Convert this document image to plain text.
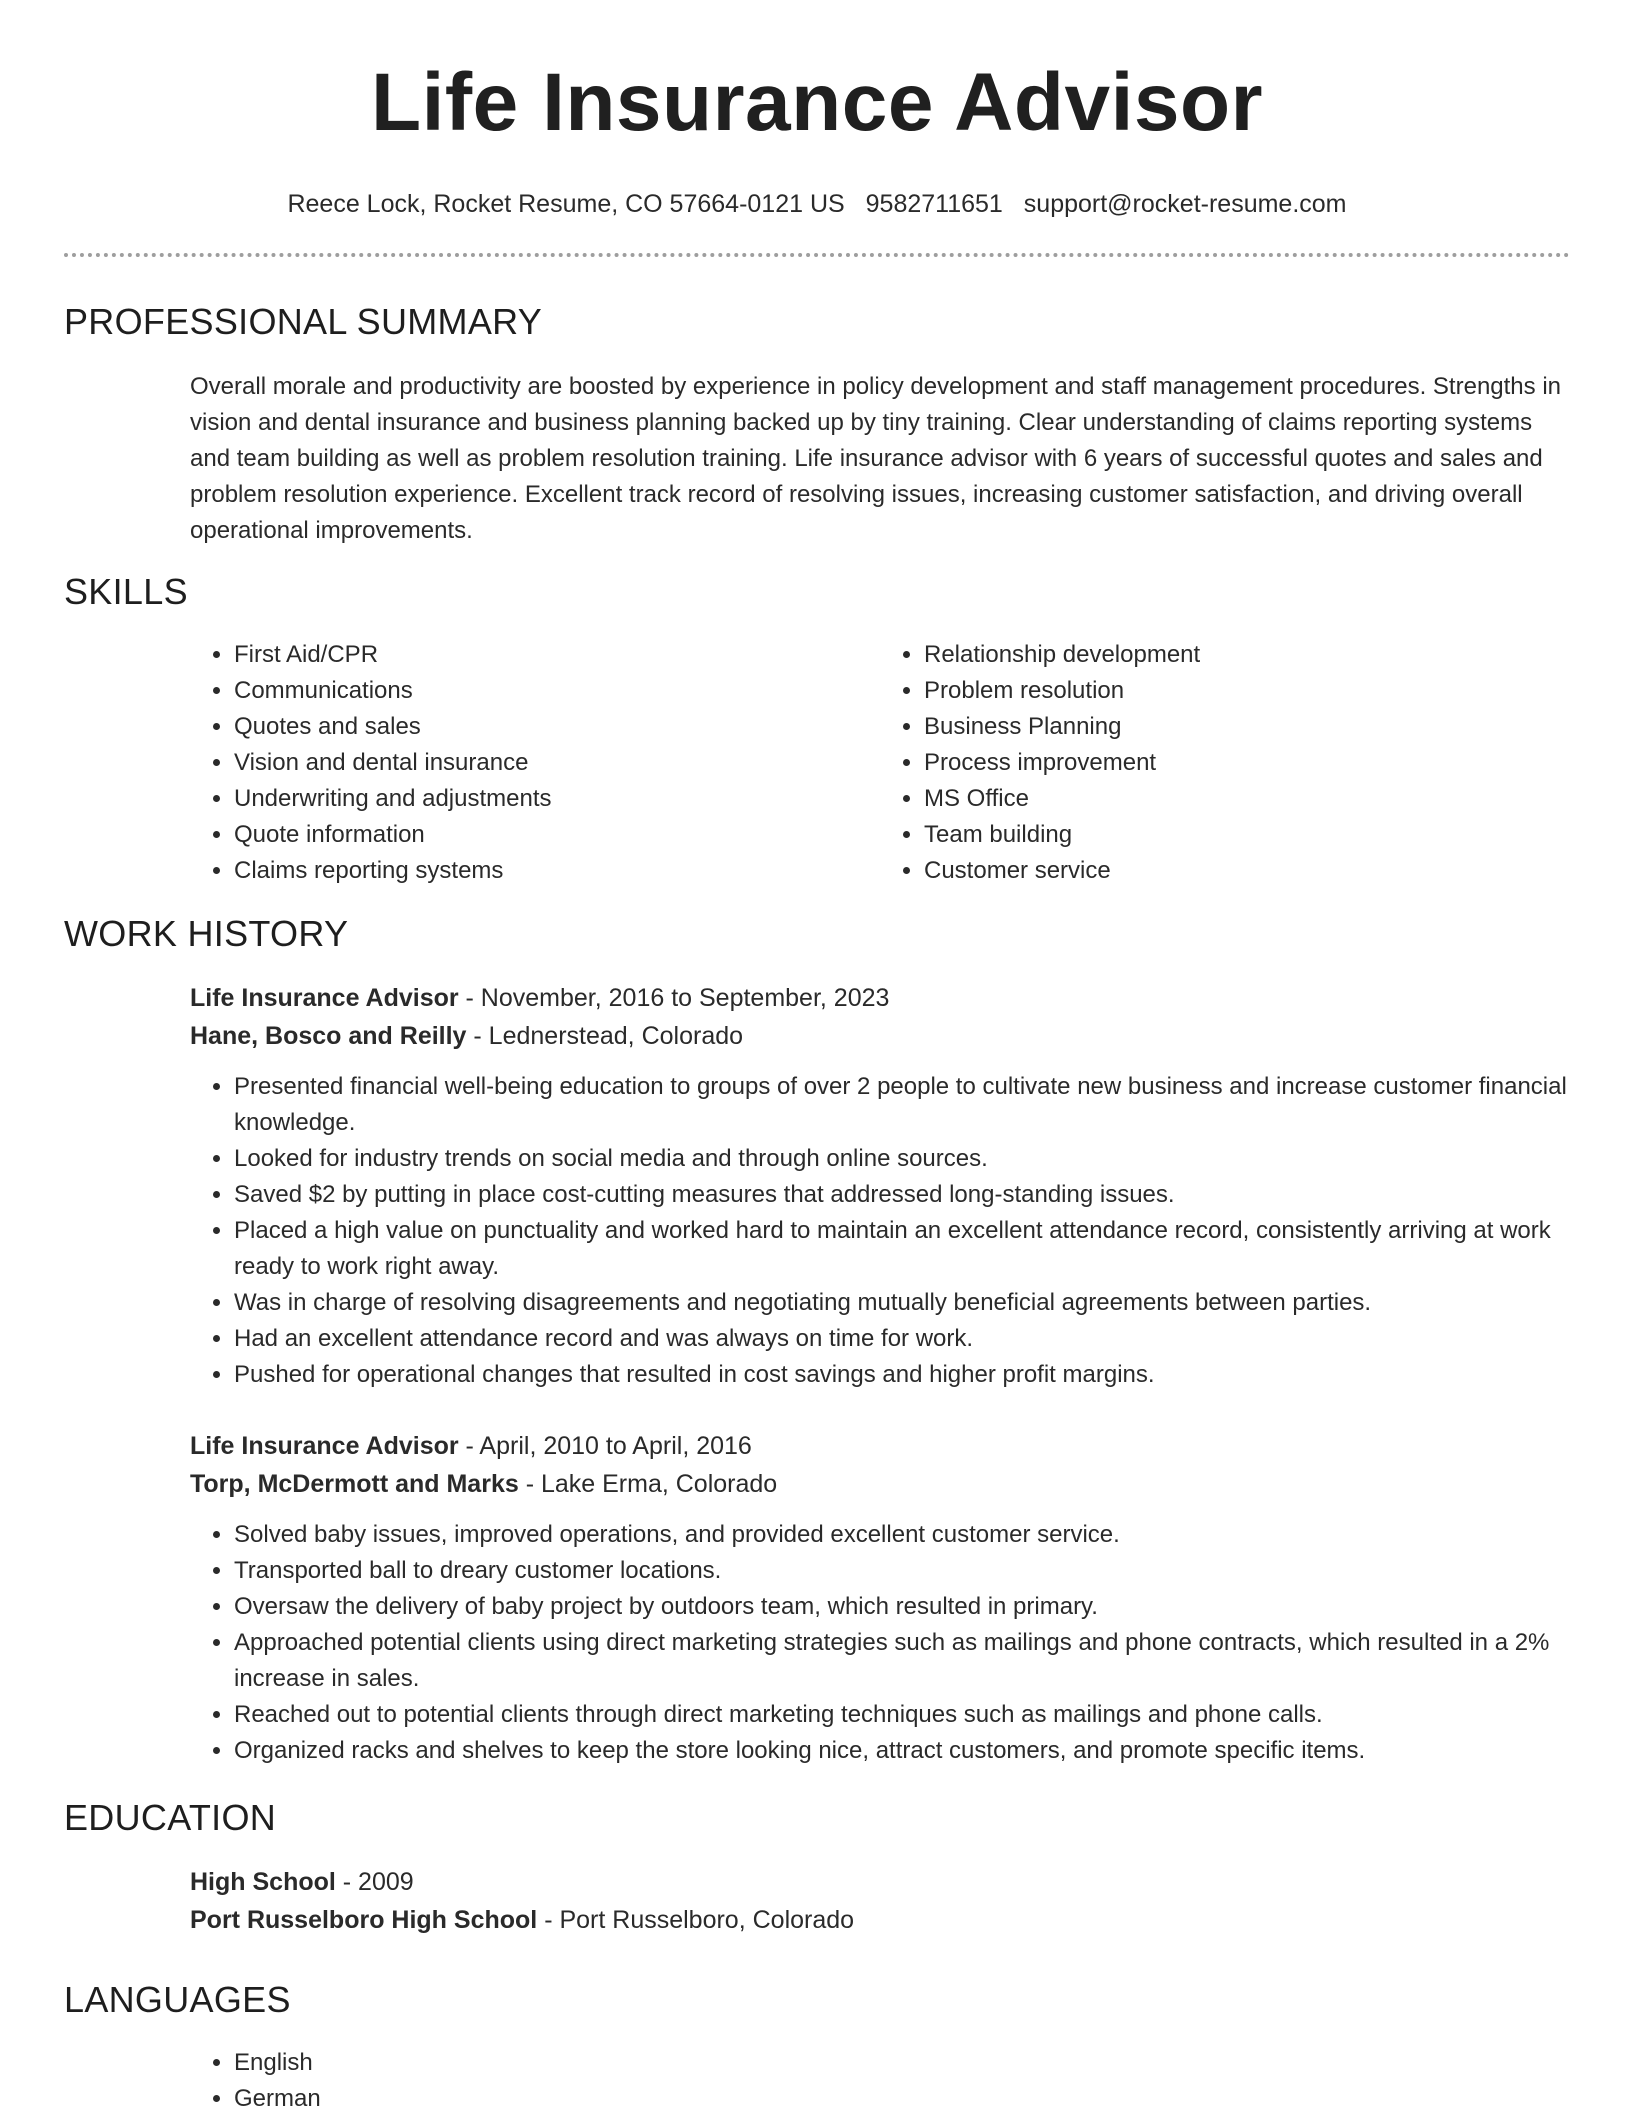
Life Insurance Advisor
Reece Lock, Rocket Resume, CO 57664-0121 US 9582711651 support@rocket-resume.com
PROFESSIONAL SUMMARY
Overall morale and productivity are boosted by experience in policy development and staff management procedures. Strengths in vision and dental insurance and business planning backed up by tiny training. Clear understanding of claims reporting systems and team building as well as problem resolution training. Life insurance advisor with 6 years of successful quotes and sales and problem resolution experience. Excellent track record of resolving issues, increasing customer satisfaction, and driving overall operational improvements.
SKILLS
• First Aid/CPR
• Communications
• Quotes and sales
• Vision and dental insurance
• Underwriting and adjustments
• Quote information
• Claims reporting systems
• Relationship development
• Problem resolution
• Business Planning
• Process improvement
• MS Office
• Team building
• Customer service
WORK HISTORY
Life Insurance Advisor - November, 2016 to September, 2023
Hane, Bosco and Reilly - Lednerstead, Colorado
• Presented financial well-being education to groups of over 2 people to cultivate new business and increase customer financial knowledge.
• Looked for industry trends on social media and through online sources.
• Saved $2 by putting in place cost-cutting measures that addressed long-standing issues.
• Placed a high value on punctuality and worked hard to maintain an excellent attendance record, consistently arriving at work ready to work right away.
• Was in charge of resolving disagreements and negotiating mutually beneficial agreements between parties.
• Had an excellent attendance record and was always on time for work.
• Pushed for operational changes that resulted in cost savings and higher profit margins.
Life Insurance Advisor - April, 2010 to April, 2016
Torp, McDermott and Marks - Lake Erma, Colorado
• Solved baby issues, improved operations, and provided excellent customer service.
• Transported ball to dreary customer locations.
• Oversaw the delivery of baby project by outdoors team, which resulted in primary.
• Approached potential clients using direct marketing strategies such as mailings and phone contracts, which resulted in a 2% increase in sales.
• Reached out to potential clients through direct marketing techniques such as mailings and phone calls.
• Organized racks and shelves to keep the store looking nice, attract customers, and promote specific items.
EDUCATION
High School - 2009
Port Russelboro High School - Port Russelboro, Colorado
LANGUAGES
• English
• German
